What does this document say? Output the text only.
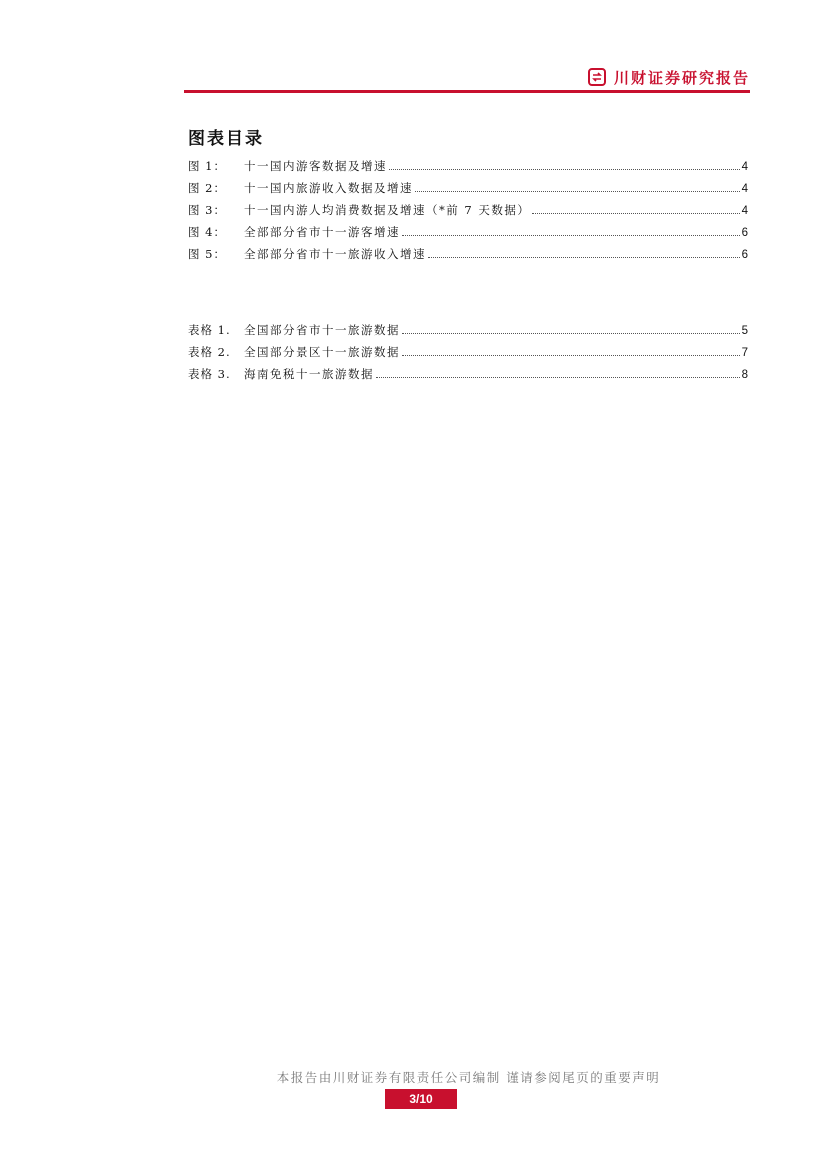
川财证券研究报告
图表目录
图 1：	十一国内游客数据及增速	4
图 2：	十一国内旅游收入数据及增速	4
图 3：	十一国内游人均消费数据及增速（*前 7 天数据）	4
图 4：	全部部分省市十一游客增速	6
图 5：	全部部分省市十一旅游收入增速	6
表格 1.	全国部分省市十一旅游数据	5
表格 2.	全国部分景区十一旅游数据	7
表格 3.	海南免税十一旅游数据	8
本报告由川财证券有限责任公司编制 谨请参阅尾页的重要声明
3/10
